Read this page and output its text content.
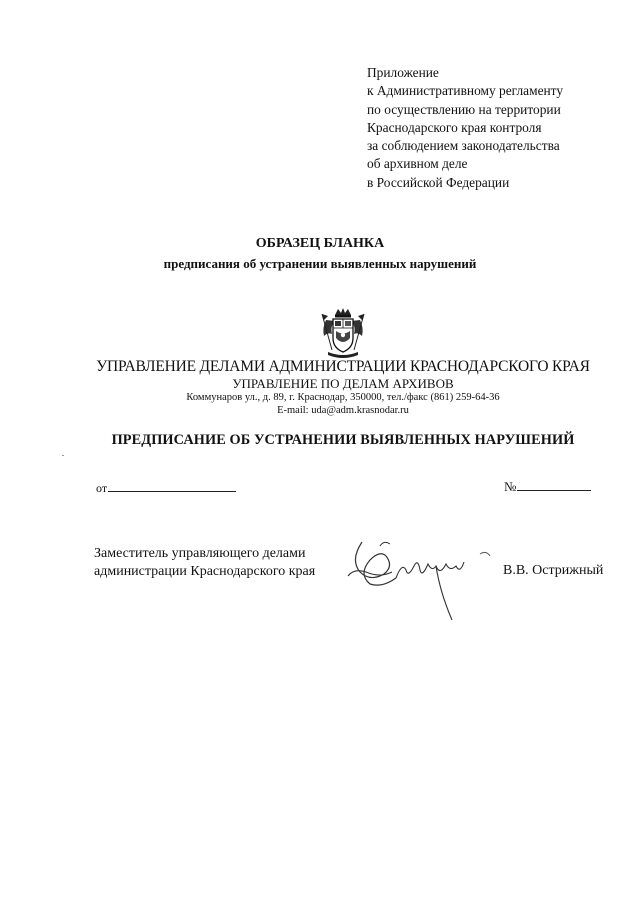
Приложение
к Административному регламенту
по осуществлению на территории
Краснодарского края контроля
за соблюдением законодательства
об архивном деле
в Российской Федерации
ОБРАЗЕЦ БЛАНКА
предписания об устранении выявленных нарушений
УПРАВЛЕНИЕ ДЕЛАМИ АДМИНИСТРАЦИИ КРАСНОДАРСКОГО КРАЯ
УПРАВЛЕНИЕ ПО ДЕЛАМ АРХИВОВ
Коммунаров ул., д. 89, г. Краснодар, 350000, тел./факс (861) 259-64-36
E-mail: uda@adm.krasnodar.ru
ПРЕДПИСАНИЕ ОБ УСТРАНЕНИИ ВЫЯВЛЕННЫХ НАРУШЕНИЙ
от	№
Заместитель управляющего делами
администрации Краснодарского края	В.В. Острижный
